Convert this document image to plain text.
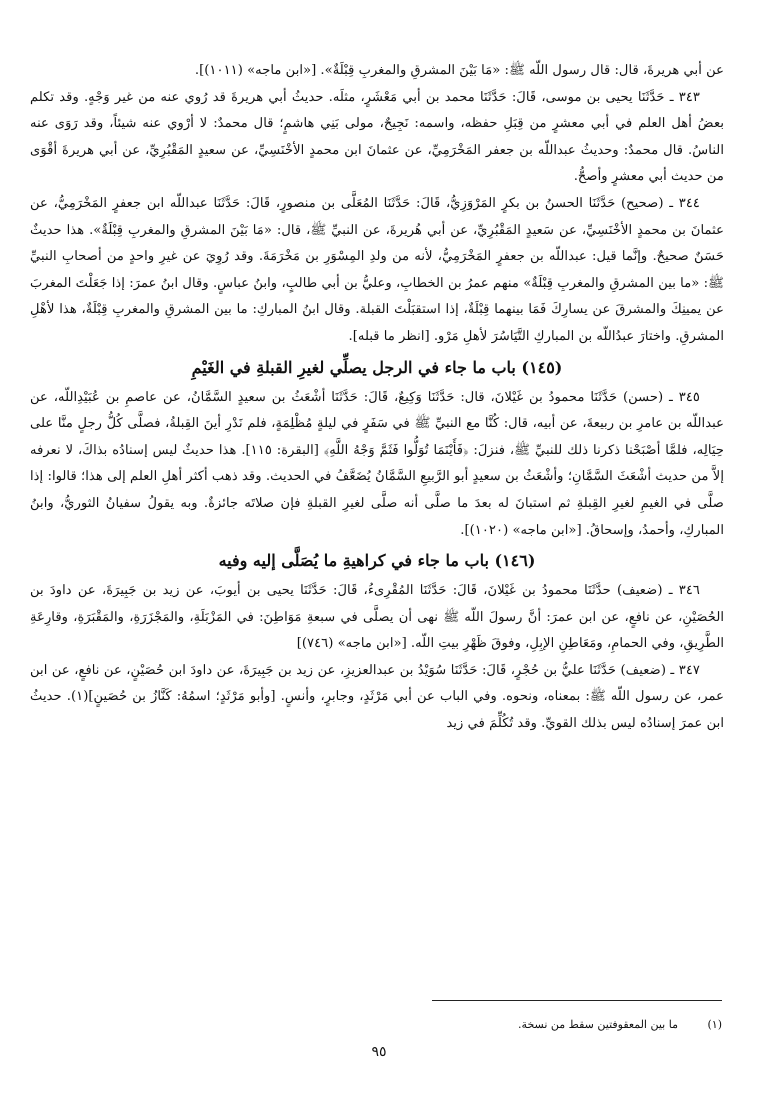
عن أبي هريرةَ، قال: قال رسول اللّه ﷺ: «مَا بَيْنَ المشرقِ والمغربِ قِبْلَةٌ». [«ابن ماجه» (١٠١١)].

٣٤٣ ـ حَدَّثَنَا يحيى بن موسى، قَالَ: حَدَّثَنَا محمد بن أبي مَعْشَرٍ، مثلَه. حديثُ أبي هريرةَ قد رُوي عنه من غير وَجْهٍ. وقد تكلم بعضُ أهل العلم في أبي معشرٍ من قِبَلِ حفظه، واسمه: نَجِيحٌ، مولى بَنِي هاشمٍ؛ قال محمدٌ: لا أرْوي عنه شيئاً، وقد رَوَى عنه الناسُ. قال محمدٌ: وحديثُ عبداللّه بن جعفر المَخْرَمِيِّ، عن عثمانَ ابن محمدٍ الأخْنَسِيِّ، عن سعيدٍ المَقْبُرِيِّ، عن أبي هريرةَ أقْوَى من حديث أبي معشرٍ وأصحُّ.

٣٤٤ ـ (صحيح) حَدَّثَنَا الحسنُ بن بكرٍ المَرْوَزِيُّ، قَالَ: حَدَّثَنَا المُعَلَّى بن منصورٍ، قَالَ: حَدَّثَنَا عبداللّه ابن جعفرٍ المَخْرَمِيُّ، عن عثمانَ بن محمدٍ الأخْنَسِيِّ، عن سَعيدٍ المَقْبُرِيِّ، عن أبي هُريرةَ، عن النبيِّ ﷺ، قال: «مَا بَيْنَ المشرقِ والمغربِ قِبْلَةٌ». هذا حديثٌ حَسَنٌ صحيحٌ. وإنَّما قيل: عبداللّه بن جعفرٍ المَخْرَمِيُّ، لأنه من ولدِ المِسْوَرِ بن مَخْرَمَةَ. وقد رُوِيَ عن غيرِ واحدٍ من أصحابِ النبيِّ ﷺ: «ما بين المشرقِ والمغربِ قِبْلَةٌ» منهم عمرُ بن الخطابِ، وعليُّ بن أبي طالبٍ، وابنُ عباسٍ. وقال ابنُ عمرَ: إذا جَعَلْتَ المغربَ عن يمينِكَ والمشرقَ عن يسارِكَ فَمَا بينهما قِبْلَةٌ، إذا استقبَلْتَ القبلة. وقال ابنُ المباركِ: ما بين المشرقِ والمغربِ قِبْلَةٌ، هذا لأهْلِ المشرقِ. واختارَ عبدُاللّه بن المباركِ التَّيَاسُرَ لأهلِ مَرْو. [انظر ما قبله].

(١٤٥) باب ما جاء في الرجل يصلِّي لغيرِ القبلةِ في الغَيْمِ

٣٤٥ ـ (حسن) حَدَّثَنَا محمودُ بن غَيْلانَ، قال: حَدَّثَنَا وَكِيعٌ، قَالَ: حَدَّثَنَا أشْعَثُ بن سعيدٍ السَّمَّانُ، عن عاصمِ بن عُبَيْدِاللّه، عن عبداللّه بن عامرِ بن ربيعةَ، عن أبيه، قال: كُنَّا مع النبيِّ ﷺ في سَفَرٍ في ليلةٍ مُظْلِمَةٍ، فلم نَدْرِ أينَ القِبلةُ، فصلَّى كُلُّ رجلٍ منَّا على حِيَالِه، فلمَّا أصْبَحْنا ذكرنا ذلك للنبيِّ ﷺ، فنزلَ: ﴿فَأَيْنَمَا تُوَلُّوا فَثَمَّ وَجْهُ اللَّهِ﴾ [البقرة: ١١٥]. هذا حديثٌ ليس إسنادُه بذاكَ، لا نعرفه إلاَّ من حديث أشْعَثَ السَّمَّانِ؛ وأشْعَثُ بن سعيدٍ أبو الرَّبيعِ السَّمَّانُ يُضَعَّفُ في الحديث. وقد ذهب أكثر أهلِ العلم إلى هذا؛ قالوا: إذا صلَّى في الغيمِ لغيرِ القِبلةِ ثم استبانَ له بعدَ ما صلَّى أنه صلَّى لغيرِ القبلةِ فإن صلاتَه جائزةٌ. وبه يقولُ سفيانُ الثوريُّ، وابنُ المباركِ، وأحمدُ، وإسحاقُ. [«ابن ماجه» (١٠٢٠)].

(١٤٦) باب ما جاء في كراهيةِ ما يُصَلَّى إليه وفيه

٣٤٦ ـ (ضعيف) حدَّثَنَا محمودُ بن غَيْلانَ، قَالَ: حَدَّثَنَا المُقْرِىءُ، قَالَ: حَدَّثَنَا يحيى بن أيوبَ، عن زيد بن جَبِيرَةَ، عن داودَ بن الحُصَيْنِ، عن نافعٍ، عن ابن عمرَ: أنَّ رسولَ اللّه ﷺ نهى أن يصلَّى في سبعةِ مَوَاطِنَ: في المَزْبَلَةِ، والمَجْزَرَةِ، والمَقْبَرَةِ، وقارِعَةِ الطَّرِيقِ، وفي الحمامِ، ومَعَاطِنِ الإبِلِ، وفوقَ ظَهْرِ بيتِ اللّه. [«ابن ماجه» (٧٤٦)]

٣٤٧ ـ (ضعيف) حَدَّثَنَا عليُّ بن حُجْرٍ، قَالَ: حَدَّثَنَا سُوَيْدُ بن عبدالعزيزِ، عن زيد بن جَبِيرَةَ، عن داودَ ابن حُصَيْنٍ، عن نافعٍ، عن ابن عمر، عن رسول اللّه ﷺ: بمعناه، ونحوه. وفي الباب عن أبي مَرْثَدٍ، وجابرٍ، وأنسٍ. [وأبو مَرْثَدٍ؛ اسمُهُ: كَنَّازُ بن حُصَينٍ](١). حديثُ ابن عمرَ إسنادُه ليس بذلك القويِّ. وقد تُكُلِّمَ في زيد

(١) ما بين المعقوفتين سقط من نسخة.
٩٥
